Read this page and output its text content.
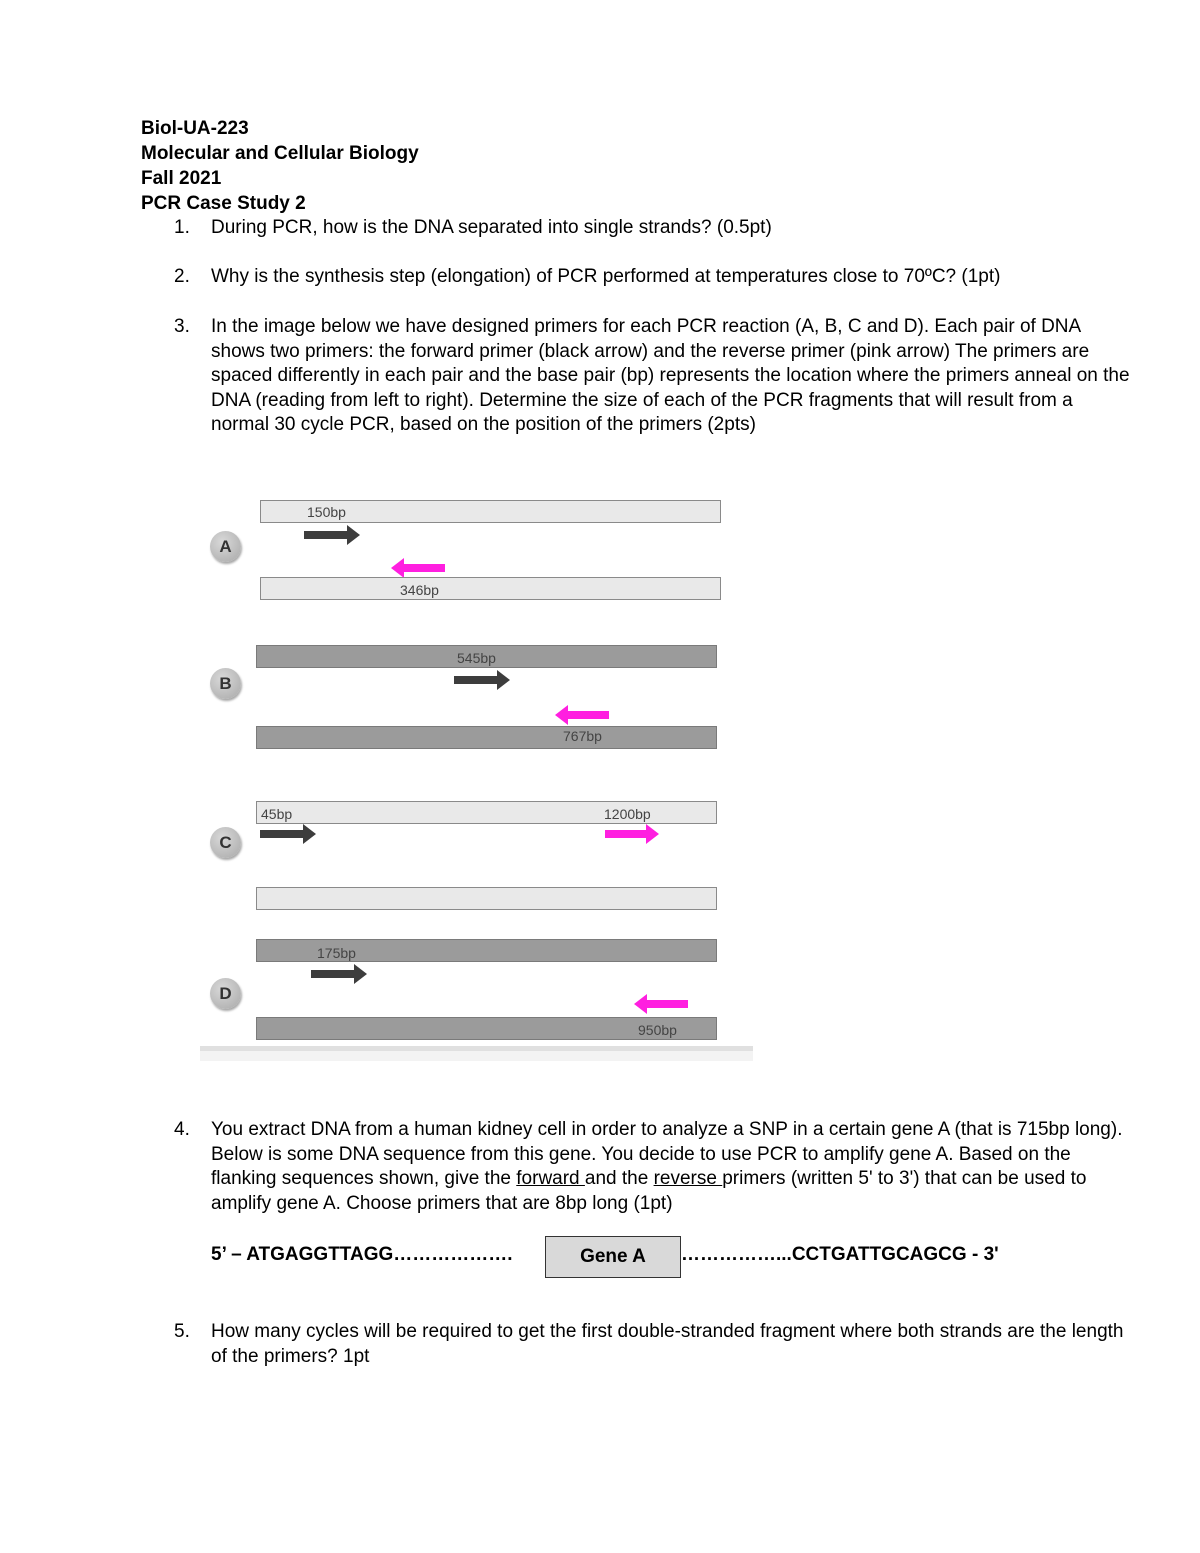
Biol-UA-223
Molecular and Cellular Biology
Fall 2021
PCR Case Study 2
1.	During PCR, how is the DNA separated into single strands? (0.5pt)
2.	Why is the synthesis step (elongation) of PCR performed at temperatures close to 70ºC? (1pt)
3.	In the image below we have designed primers for each PCR reaction (A, B, C and D). Each pair of DNA shows two primers: the forward primer (black arrow) and the reverse primer (pink arrow) The primers are spaced differently in each pair and the base pair (bp) represents the location where the primers anneal on the DNA (reading from left to right). Determine the size of each of the PCR fragments that will result from a normal 30 cycle PCR, based on the position of the primers (2pts)
150bp
A
346bp
545bp
B
767bp
45bp	1200bp
C
175bp
D
950bp
4.	You extract DNA from a human kidney cell in order to analyze a SNP in a certain gene A (that is 715bp long). Below is some DNA sequence from this gene. You decide to use PCR to amplify gene A. Based on the flanking sequences shown, give the forward and the reverse primers (written 5' to 3') that can be used to amplify gene A. Choose primers that are 8bp long (1pt)
5’ – ATGAGGTTAGG……………….	Gene A	……………...CCTGATTGCAGCG - 3'
5.	How many cycles will be required to get the first double-stranded fragment where both strands are the length of the primers? 1pt
